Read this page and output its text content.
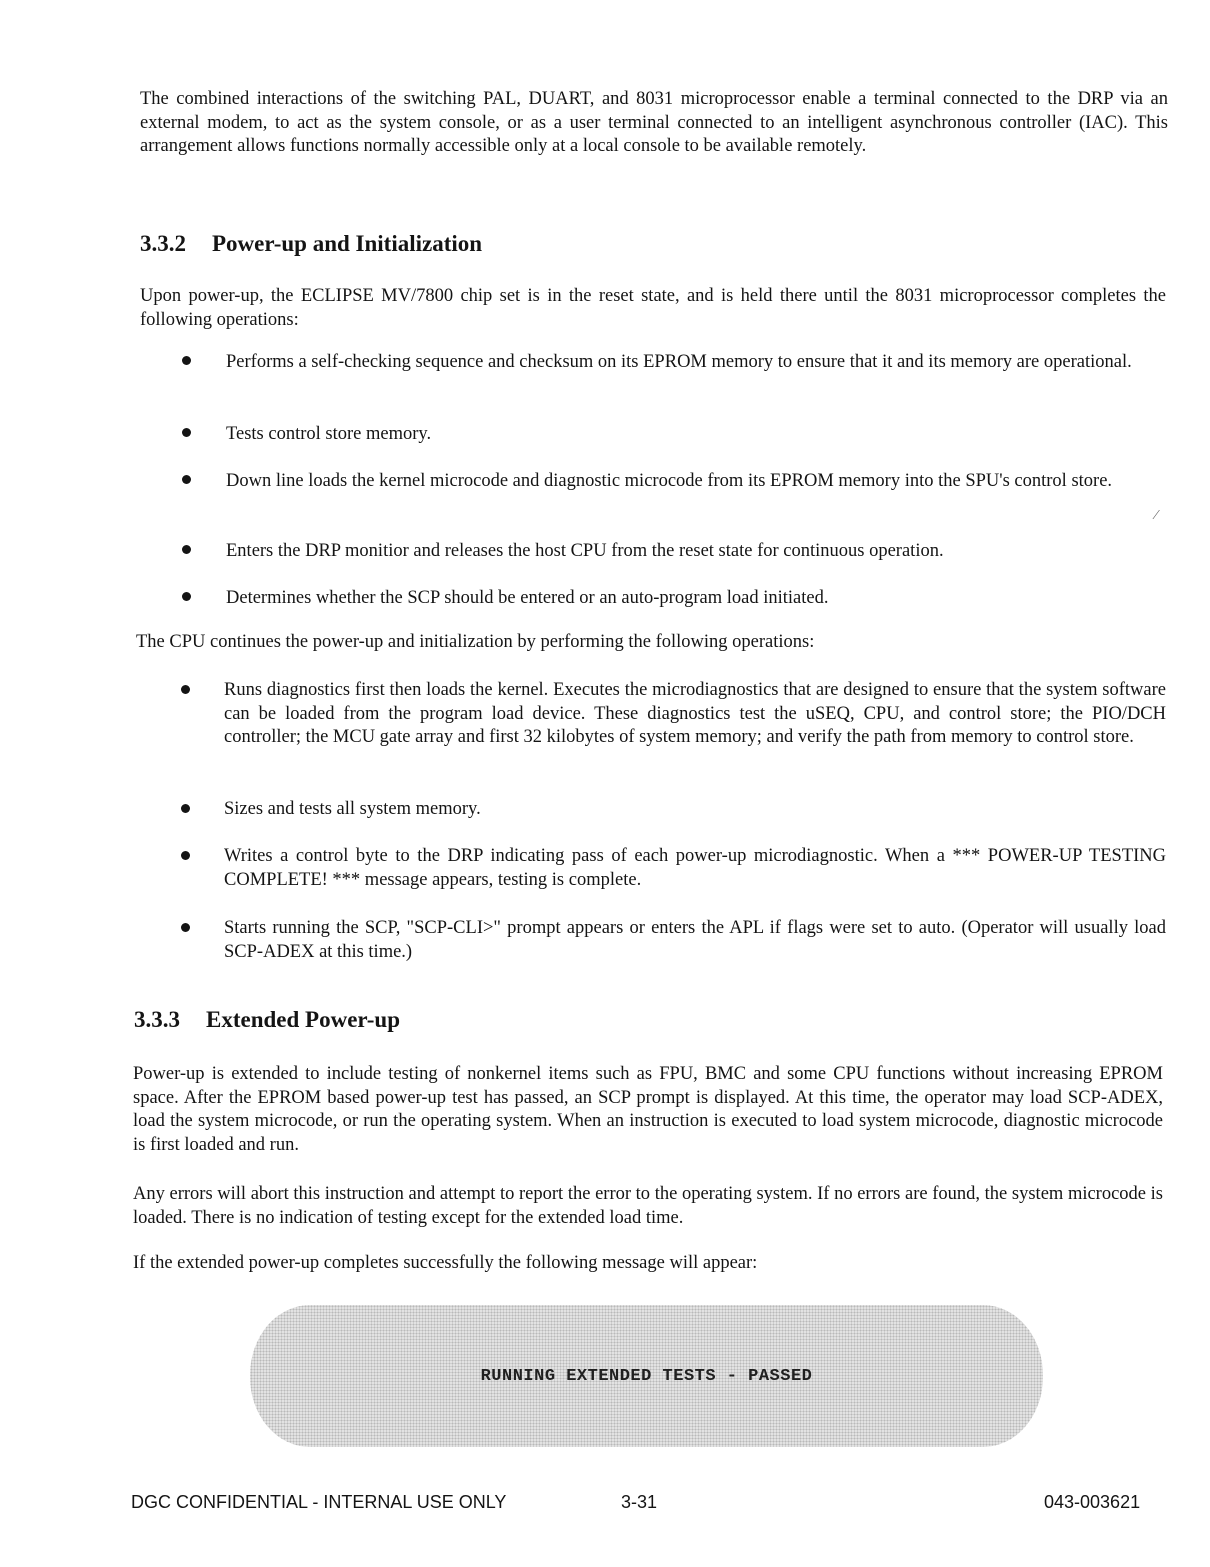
The combined interactions of the switching PAL, DUART, and 8031 microprocessor enable a terminal connected to the DRP via an external modem, to act as the system console, or as a user terminal connected to an intelligent asynchronous controller (IAC). This arrangement allows functions normally accessible only at a local console to be available remotely.

3.3.2 Power-up and Initialization

Upon power-up, the ECLIPSE MV/7800 chip set is in the reset state, and is held there until the 8031 microprocessor completes the following operations:

Performs a self-checking sequence and checksum on its EPROM memory to ensure that it and its memory are operational.
Tests control store memory.
Down line loads the kernel microcode and diagnostic microcode from its EPROM memory into the SPU's control store.
Enters the DRP monitior and releases the host CPU from the reset state for continuous operation.
Determines whether the SCP should be entered or an auto-program load initiated.

The CPU continues the power-up and initialization by performing the following operations:

Runs diagnostics first then loads the kernel. Executes the microdiagnostics that are designed to ensure that the system software can be loaded from the program load device. These diagnostics test the uSEQ, CPU, and control store; the PIO/DCH controller; the MCU gate array and first 32 kilobytes of system memory; and verify the path from memory to control store.
Sizes and tests all system memory.
Writes a control byte to the DRP indicating pass of each power-up microdiagnostic. When a *** POWER-UP TESTING COMPLETE! *** message appears, testing is complete.
Starts running the SCP, "SCP-CLI>" prompt appears or enters the APL if flags were set to auto. (Operator will usually load SCP-ADEX at this time.)
3.3.3 Extended Power-up

Power-up is extended to include testing of nonkernel items such as FPU, BMC and some CPU functions without increasing EPROM space. After the EPROM based power-up test has passed, an SCP prompt is displayed. At this time, the operator may load SCP-ADEX, load the system microcode, or run the operating system. When an instruction is executed to load system microcode, diagnostic microcode is first loaded and run.

Any errors will abort this instruction and attempt to report the error to the operating system. If no errors are found, the system microcode is loaded. There is no indication of testing except for the extended load time.

If the extended power-up completes successfully the following message will appear:

RUNNING EXTENDED TESTS - PASSED
DGC CONFIDENTIAL - INTERNAL USE ONLY	3-31	043-003621
⁄
